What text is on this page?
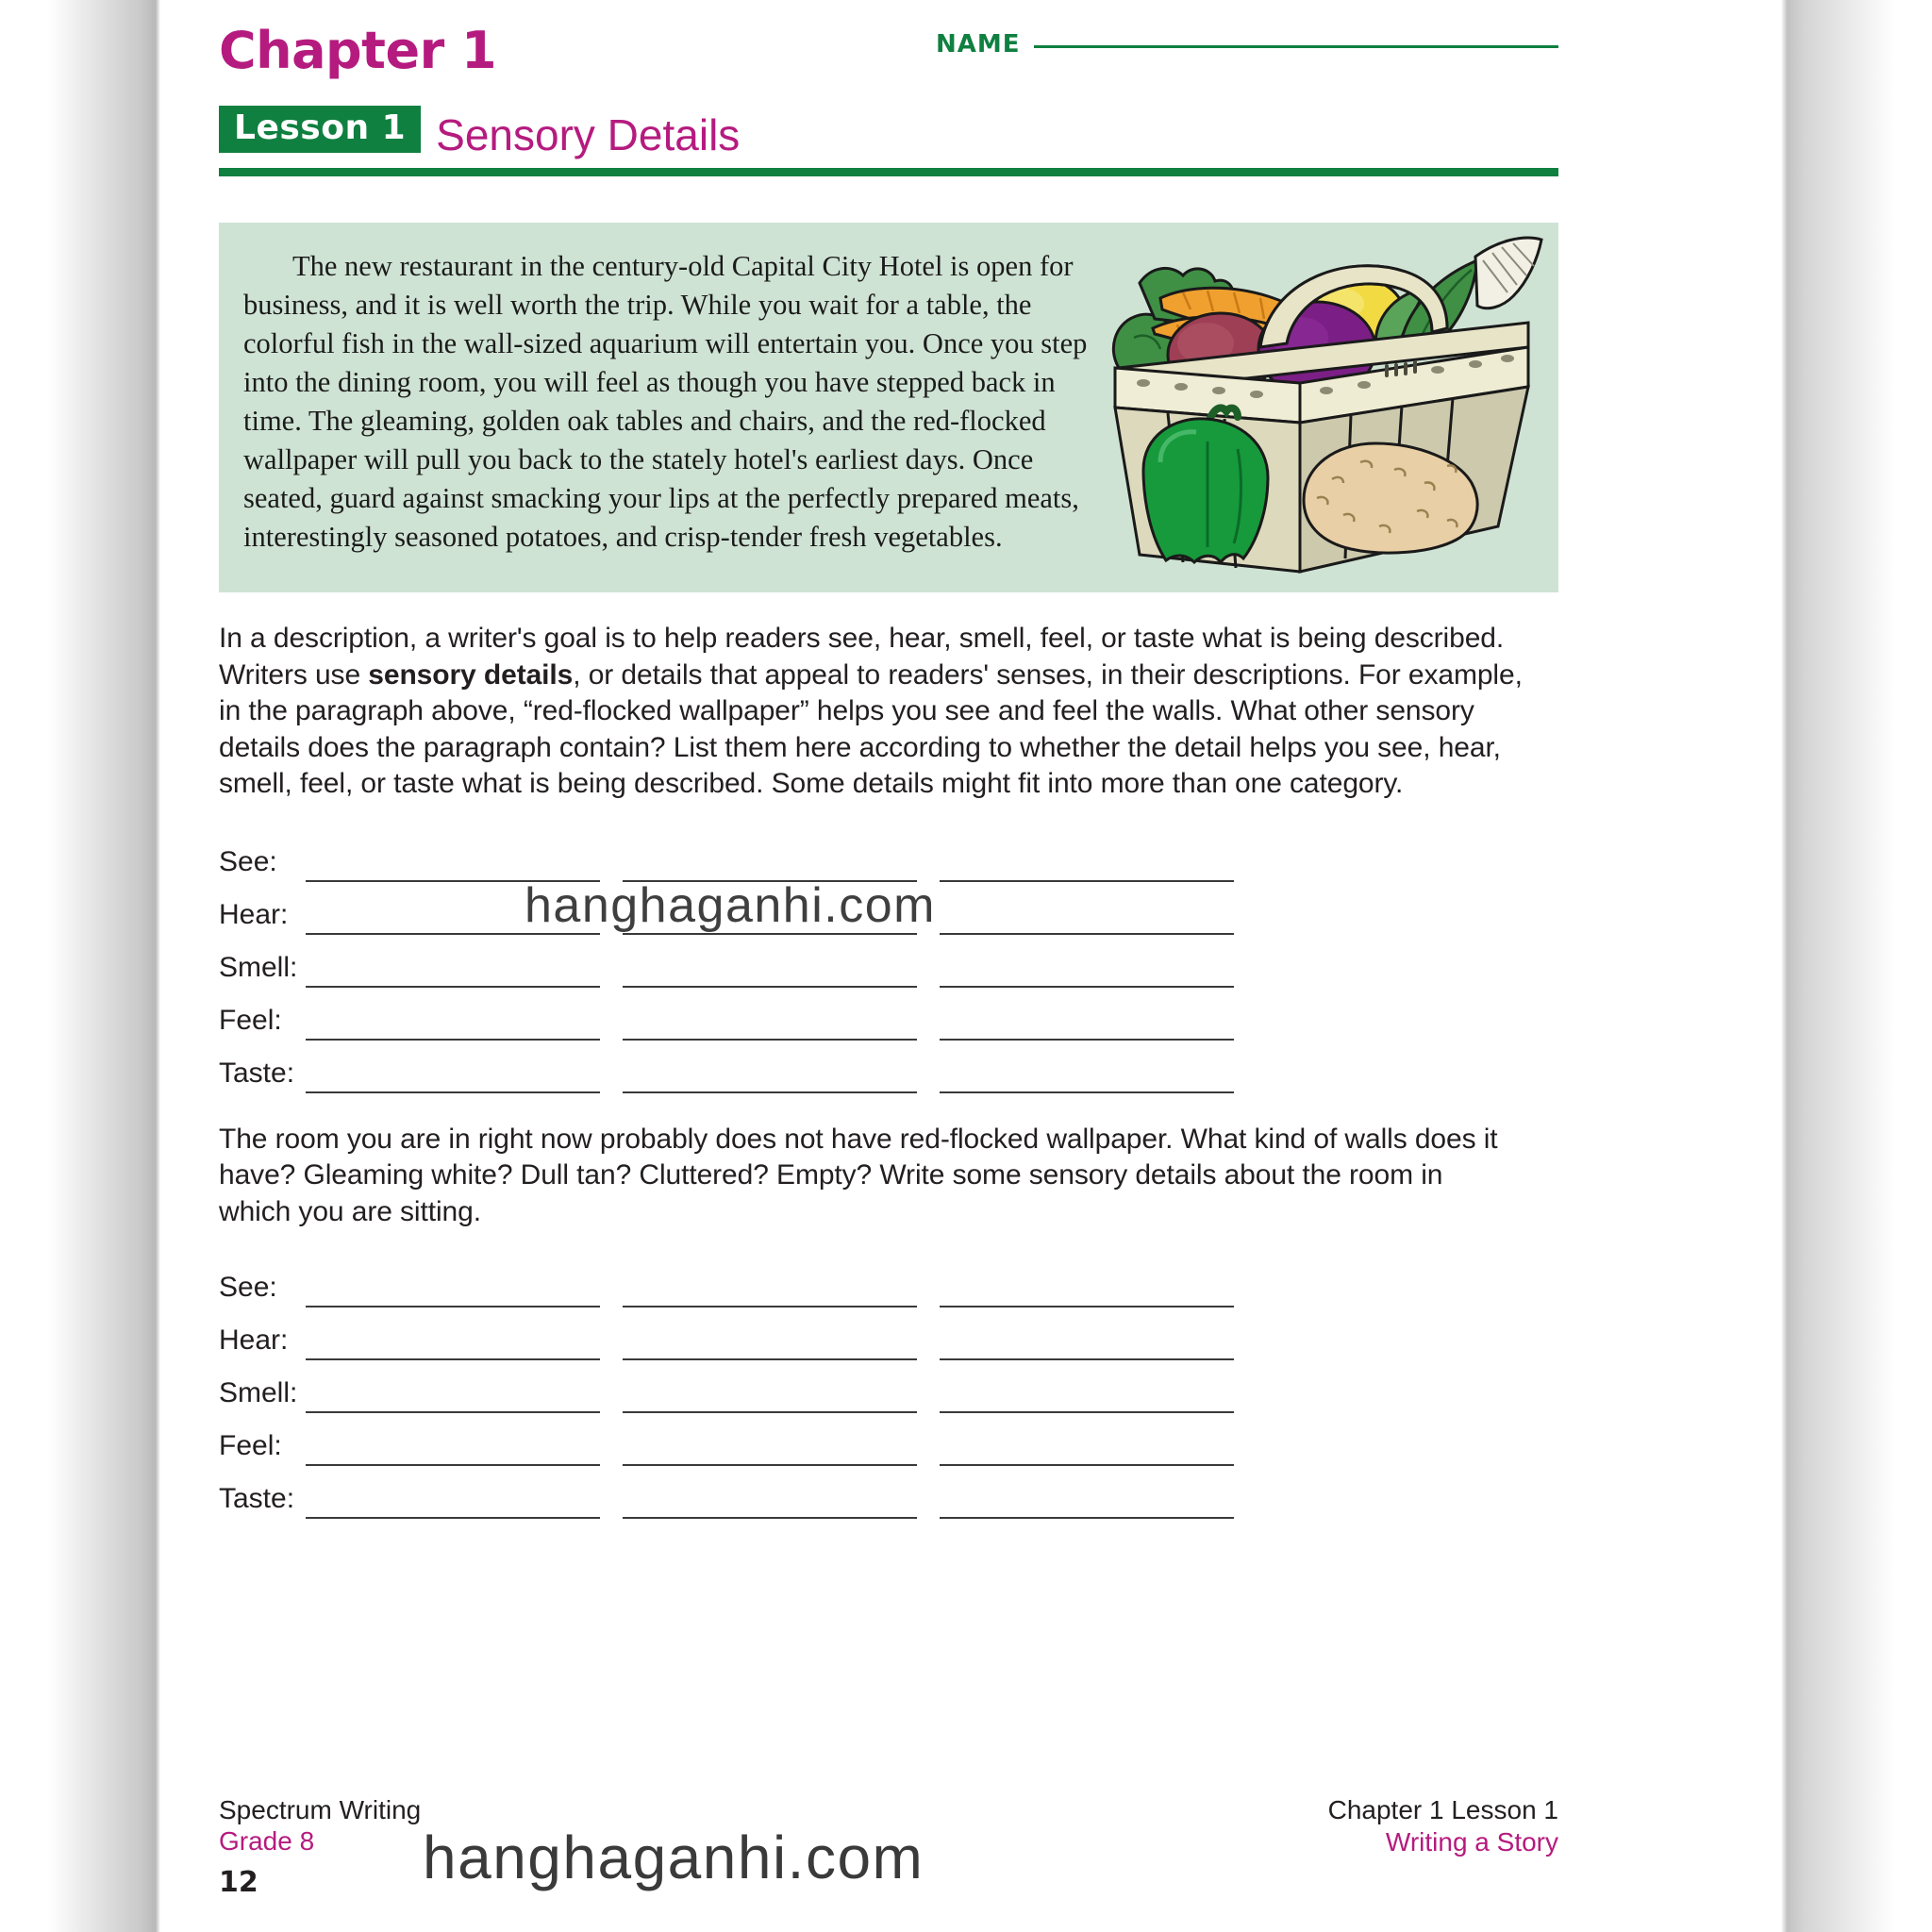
Chapter 1
Lesson 1 Sensory Details
NAME
The new restaurant in the century-old Capital City Hotel is open for business, and it is well worth the trip. While you wait for a table, the colorful fish in the wall-sized aquarium will entertain you. Once you step into the dining room, you will feel as though you have stepped back in time. The gleaming, golden oak tables and chairs, and the red-flocked wallpaper will pull you back to the stately hotel's earliest days. Once seated, guard against smacking your lips at the perfectly prepared meats, interestingly seasoned potatoes, and crisp-tender fresh vegetables.
In a description, a writer's goal is to help readers see, hear, smell, feel, or taste what is being described. Writers use sensory details, or details that appeal to readers' senses, in their descriptions. For example, in the paragraph above, “red-flocked wallpaper” helps you see and feel the walls. What other sensory details does the paragraph contain? List them here according to whether the detail helps you see, hear, smell, feel, or taste what is being described. Some details might fit into more than one category.
See:
Hear:
Smell:
Feel:
Taste:
The room you are in right now probably does not have red-flocked wallpaper. What kind of walls does it have? Gleaming white? Dull tan? Cluttered? Empty? Write some sensory details about the room in which you are sitting.
See:
Hear:
Smell:
Feel:
Taste:
Spectrum Writing
Grade 8
12
Chapter 1 Lesson 1
Writing a Story
hanghaganhi.com
hanghaganhi.com
